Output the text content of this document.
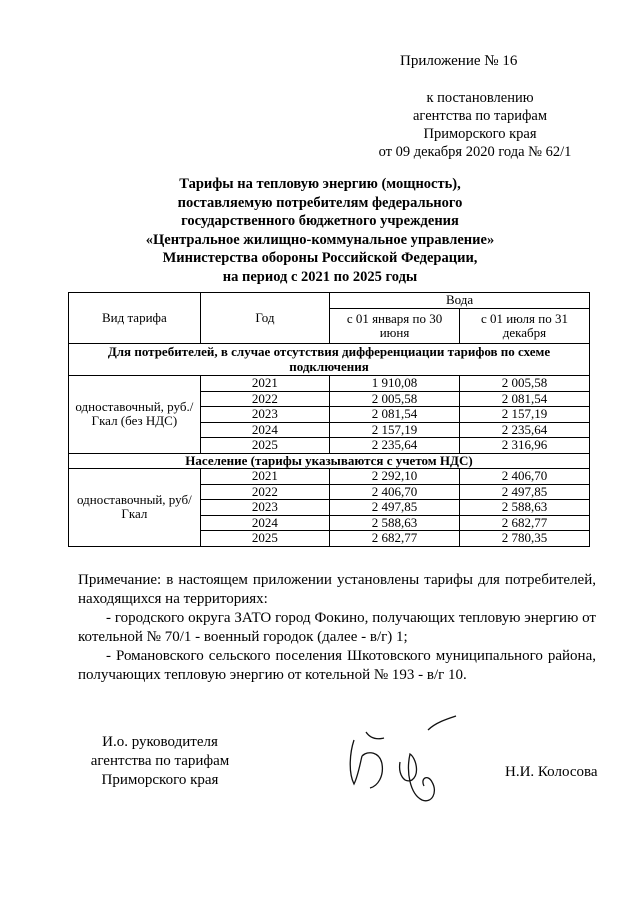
Приложение № 16
к постановлению
агентства по тарифам
Приморского края
от 09 декабря 2020 года № 62/1
Тарифы на тепловую энергию (мощность),
поставляемую потребителям федерального
государственного бюджетного учреждения
«Центральное жилищно-коммунальное управление»
Министерства обороны Российской Федерации,
на период с 2021 по 2025 годы
Вид тарифа	Год	Вода	
		с 01 января по 30 июня	с 01 июля по 31 декабря
Для потребителей, в случае отсутствия дифференциации тарифов по схеме подключения			
одноставочный, руб./Гкал (без НДС)	2021	1 910,08	2 005,58
	2022	2 005,58	2 081,54
	2023	2 081,54	2 157,19
	2024	2 157,19	2 235,64
	2025	2 235,64	2 316,96
Население (тарифы указываются с учетом НДС)			
одноставочный, руб/Гкал	2021	2 292,10	2 406,70
	2022	2 406,70	2 497,85
	2023	2 497,85	2 588,63
	2024	2 588,63	2 682,77
	2025	2 682,77	2 780,35

Примечание: в настоящем приложении установлены тарифы для потребителей, находящихся на территориях:

- городского округа ЗАТО город Фокино, получающих тепловую энергию от котельной № 70/1 - военный городок (далее - в/г) 1;

- Романовского сельского поселения Шкотовского муниципального района, получающих тепловую энергию от котельной № 193 - в/г 10.

И.о. руководителя
агентства по тарифам
Приморского края	Н.И. Колосова
